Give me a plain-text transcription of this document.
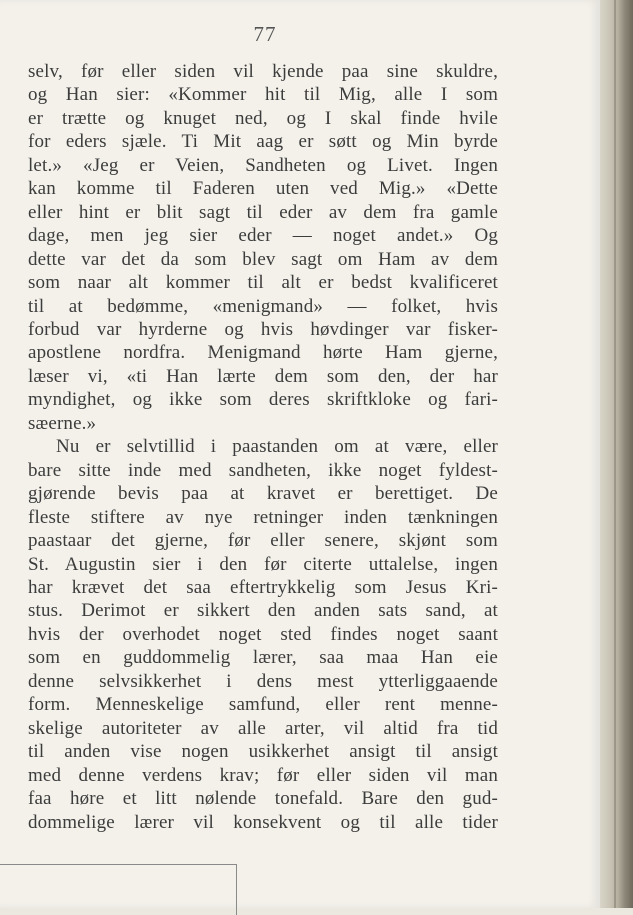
77
selv, før eller siden vil kjende paa sine skuldre,
og Han sier: «Kommer hit til Mig, alle I som
er trætte og knuget ned, og I skal finde hvile
for eders sjæle. Ti Mit aag er søtt og Min byrde
let.» «Jeg er Veien, Sandheten og Livet. Ingen
kan komme til Faderen uten ved Mig.» «Dette
eller hint er blit sagt til eder av dem fra gamle
dage, men jeg sier eder — noget andet.» Og
dette var det da som blev sagt om Ham av dem
som naar alt kommer til alt er bedst kvalificeret
til at bedømme, «menigmand» — folket, hvis
forbud var hyrderne og hvis høvdinger var fisker-
apostlene nordfra. Menigmand hørte Ham gjerne,
læser vi, «ti Han lærte dem som den, der har
myndighet, og ikke som deres skriftkloke og fari-
sæerne.»
Nu er selvtillid i paastanden om at være, eller
bare sitte inde med sandheten, ikke noget fyldest-
gjørende bevis paa at kravet er berettiget. De
fleste stiftere av nye retninger inden tænkningen
paastaar det gjerne, før eller senere, skjønt som
St. Augustin sier i den før citerte uttalelse, ingen
har krævet det saa eftertrykkelig som Jesus Kri-
stus. Derimot er sikkert den anden sats sand, at
hvis der overhodet noget sted findes noget saant
som en guddommelig lærer, saa maa Han eie
denne selvsikkerhet i dens mest ytterliggaaende
form. Menneskelige samfund, eller rent menne-
skelige autoriteter av alle arter, vil altid fra tid
til anden vise nogen usikkerhet ansigt til ansigt
med denne verdens krav; før eller siden vil man
faa høre et litt nølende tonefald. Bare den gud-
dommelige lærer vil konsekvent og til alle tider
